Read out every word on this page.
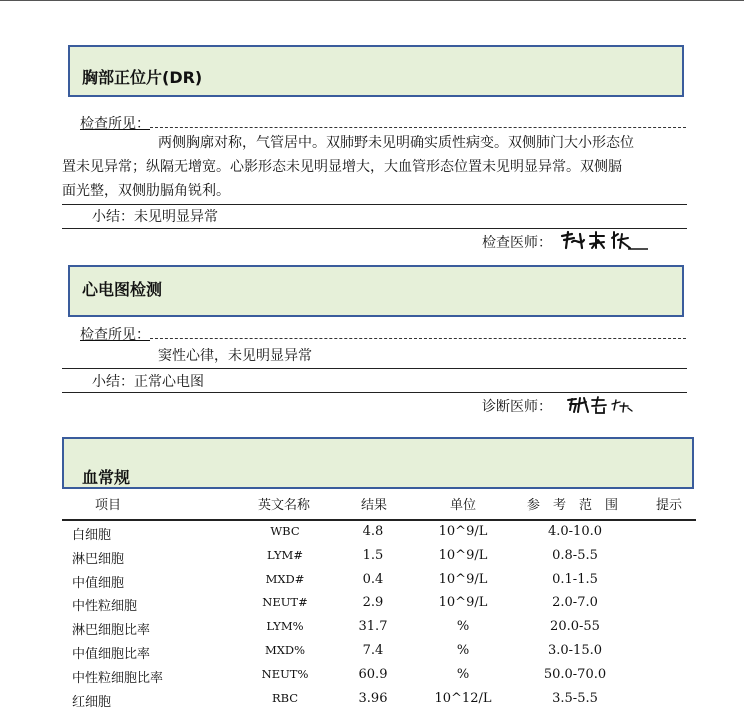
胸部正位片(DR)
检查所见：
两侧胸廓对称，气管居中。双肺野未见明确实质性病变。双侧肺门大小形态位
置未见异常；纵隔无增宽。心影形态未见明显增大，大血管形态位置未见明显异常。双侧膈
面光整，双侧肋膈角锐利。
小结：未见明显异常
检查医师：
心电图检测
检查所见：
窦性心律，未见明显异常
小结：正常心电图
诊断医师：
血常规
项目	英文名称	结果	单位	参　考　范　围	提示
白细胞	WBC	4.8	10^9/L	4.0-10.0
淋巴细胞	LYM#	1.5	10^9/L	0.8-5.5
中值细胞	MXD#	0.4	10^9/L	0.1-1.5
中性粒细胞	NEUT#	2.9	10^9/L	2.0-7.0
淋巴细胞比率	LYM%	31.7	%	20.0-55
中值细胞比率	MXD%	7.4	%	3.0-15.0
中性粒细胞比率	NEUT%	60.9	%	50.0-70.0
红细胞	RBC	3.96	10^12/L	3.5-5.5
